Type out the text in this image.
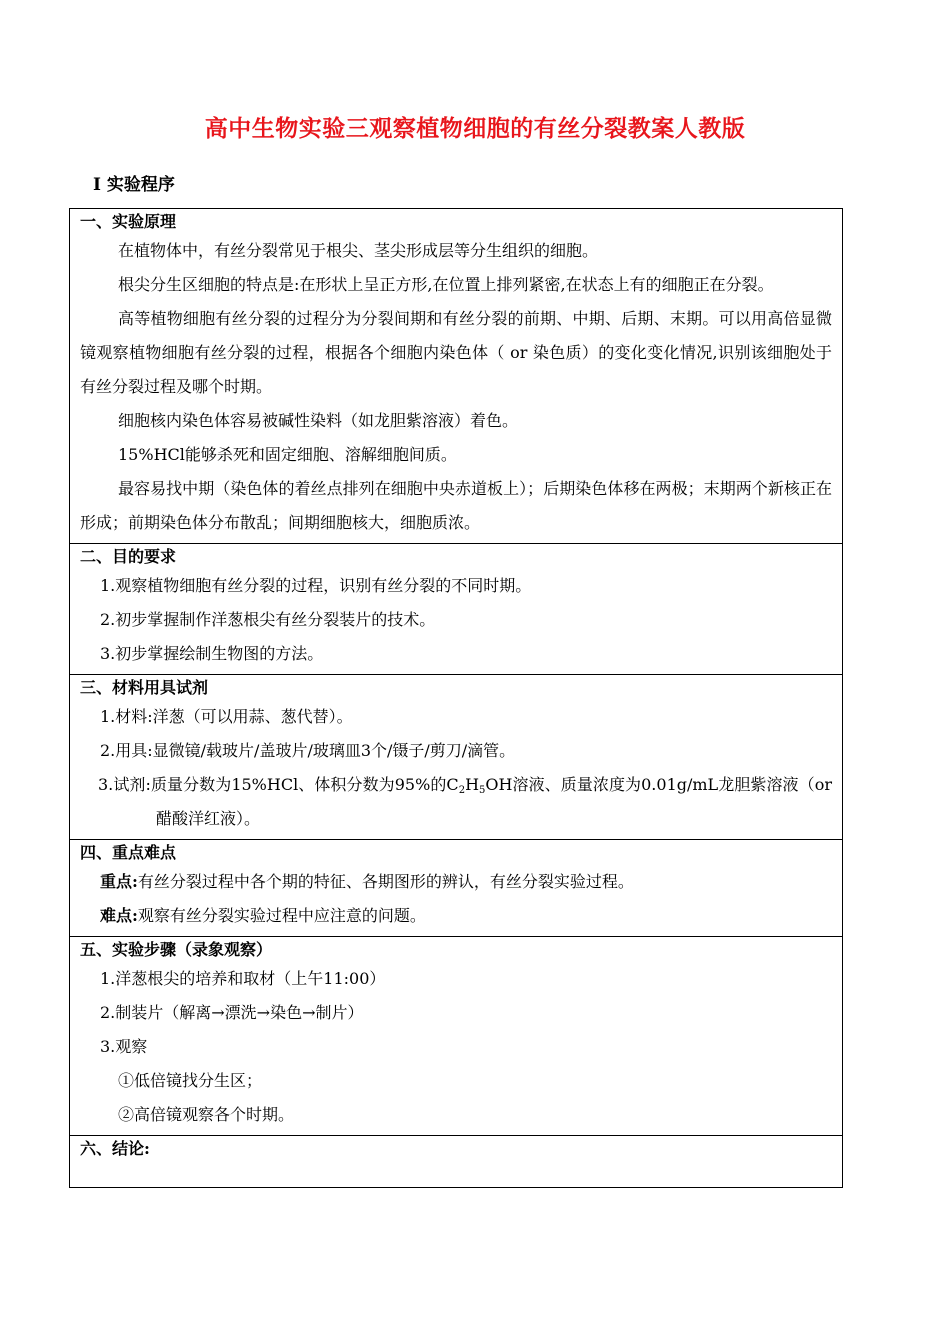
高中生物实验三观察植物细胞的有丝分裂教案人教版
Ⅰ 实验程序
一、实验原理
在植物体中，有丝分裂常见于根尖、茎尖形成层等分生组织的细胞。
根尖分生区细胞的特点是:在形状上呈正方形,在位置上排列紧密,在状态上有的细胞正在分裂。
高等植物细胞有丝分裂的过程分为分裂间期和有丝分裂的前期、中期、后期、末期。可以用高倍显微镜观察植物细胞有丝分裂的过程，根据各个细胞内染色体（ or 染色质）的变化变化情况,识别该细胞处于有丝分裂过程及哪个时期。
细胞核内染色体容易被碱性染料（如龙胆紫溶液）着色。
15%HCl能够杀死和固定细胞、溶解细胞间质。
最容易找中期（染色体的着丝点排列在细胞中央赤道板上）；后期染色体移在两极；末期两个新核正在形成；前期染色体分布散乱；间期细胞核大，细胞质浓。
二、目的要求
1.观察植物细胞有丝分裂的过程，识别有丝分裂的不同时期。
2.初步掌握制作洋葱根尖有丝分裂装片的技术。
3.初步掌握绘制生物图的方法。
三、材料用具试剂
1.材料:洋葱（可以用蒜、葱代替）。
2.用具:显微镜/载玻片/盖玻片/玻璃皿3个/镊子/剪刀/滴管。
3.试剂:质量分数为15%HCl、体积分数为95%的$C_2H_5OH$溶液、质量浓度为0.01g/mL龙胆紫溶液（or 醋酸洋红液）。
四、重点难点
重点:有丝分裂过程中各个期的特征、各期图形的辨认，有丝分裂实验过程。
难点:观察有丝分裂实验过程中应注意的问题。
五、实验步骤（录象观察）
1.洋葱根尖的培养和取材（上午11:00）
2.制装片（解离→漂洗→染色→制片）
3.观察
①低倍镜找分生区；
②高倍镜观察各个时期。
六、结论:
